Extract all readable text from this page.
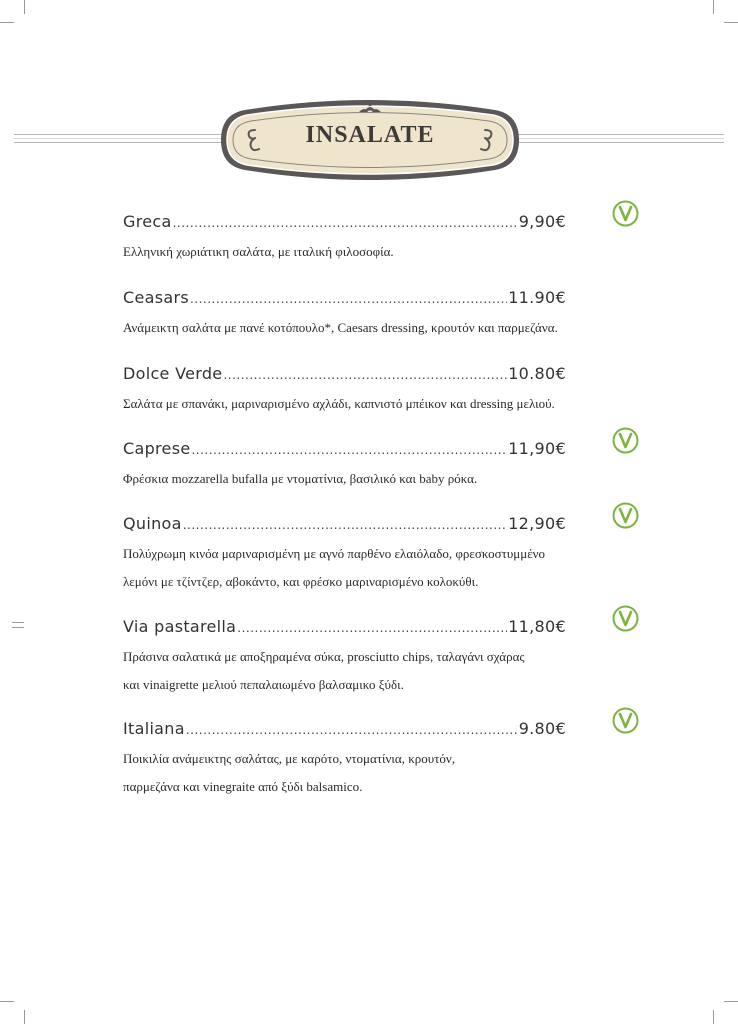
INSALATE
Greca .....	9,90€
Ελληνική χωριάτικη σαλάτα, με ιταλική φιλοσοφία.
Ceasars .....	11.90€
Ανάμεικτη σαλάτα με πανέ κοτόπουλο*, Caesars dressing, κρουτόν και παρμεζάνα.
Dolce Verde .....	10.80€
Σαλάτα με σπανάκι, μαριναρισμένο αχλάδι, καπνιστό μπέικον και dressing μελιού.
Caprese .....	11,90€
Φρέσκια mozzarella bufalla με ντοματίνια, βασιλικό και baby ρόκα.
Quinoa .....	12,90€
Πολύχρωμη κινόα μαριναρισμένη με αγνό παρθένο ελαιόλαδο, φρεσκοστυμμένο
λεμόνι με τζίντζερ, αβοκάντο, και φρέσκο μαριναρισμένο κολοκύθι.
Via pastarella .....	11,80€
Πράσινα σαλατικά με αποξηραμένα σύκα, prosciutto chips, ταλαγάνι σχάρας
και vinaigrette μελιού πεπαλαιωμένο βαλσαμικο ξύδι.
Italiana .....	9.80€
Ποικιλία ανάμεικτης σαλάτας, με καρότο, ντοματίνια, κρουτόν,
παρμεζάνα και vinegraite από ξύδι balsamico.
